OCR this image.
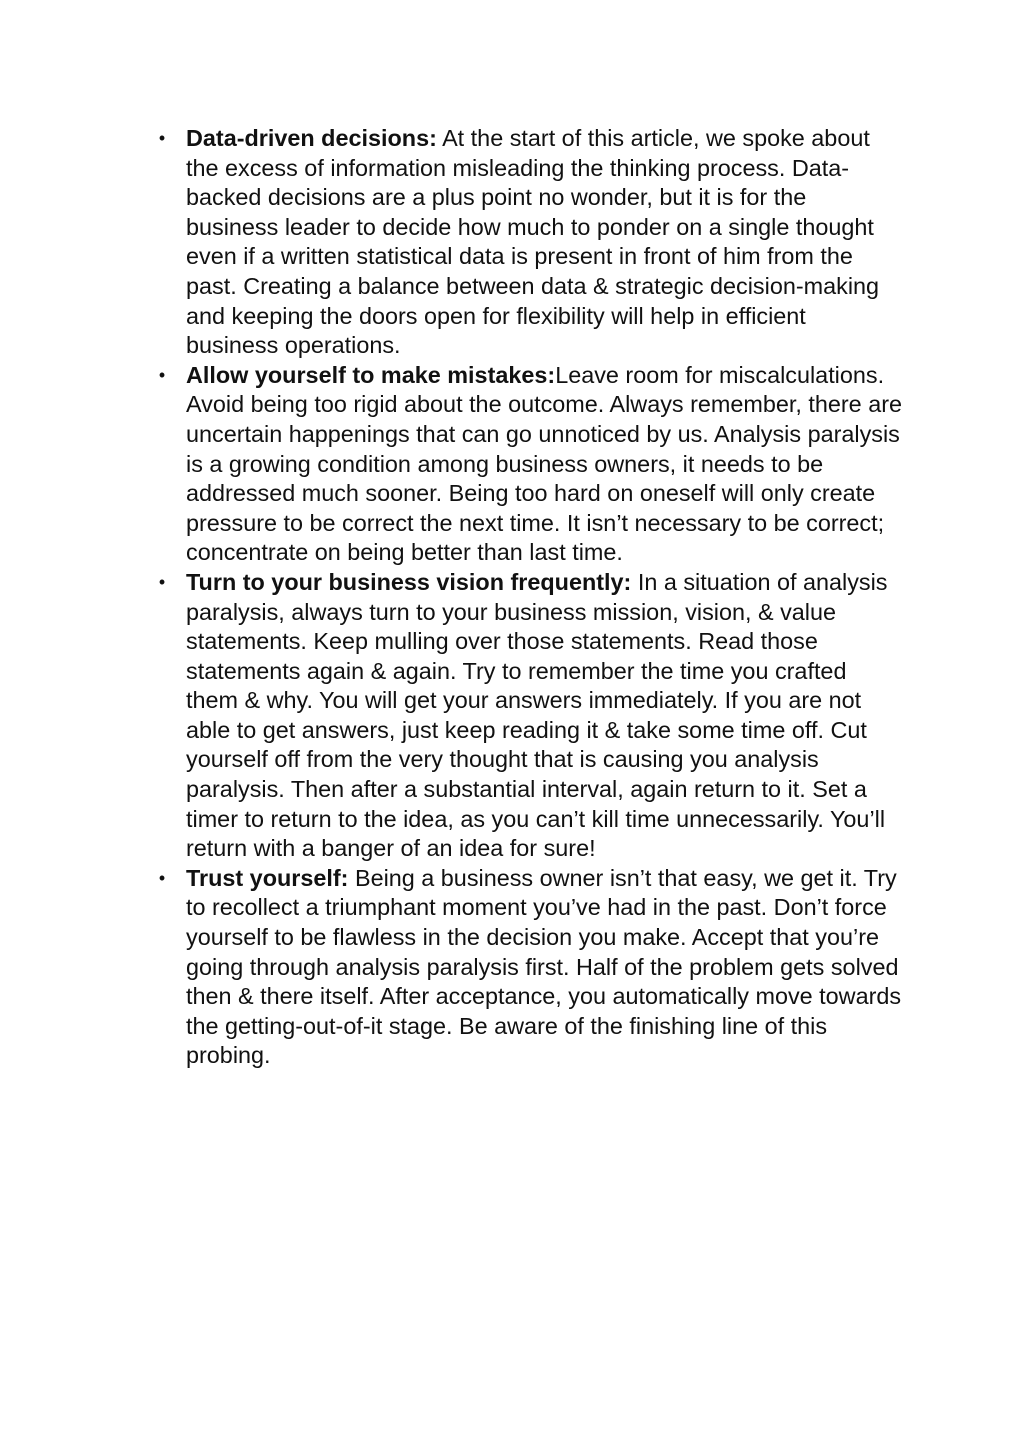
• Data-driven decisions: At the start of this article, we spoke about the excess of information misleading the thinking process. Data-backed decisions are a plus point no wonder, but it is for the business leader to decide how much to ponder on a single thought even if a written statistical data is present in front of him from the past. Creating a balance between data & strategic decision-making and keeping the doors open for flexibility will help in efficient business operations.
• Allow yourself to make mistakes:Leave room for miscalculations. Avoid being too rigid about the outcome. Always remember, there are uncertain happenings that can go unnoticed by us. Analysis paralysis is a growing condition among business owners, it needs to be addressed much sooner. Being too hard on oneself will only create pressure to be correct the next time. It isn’t necessary to be correct; concentrate on being better than last time.
• Turn to your business vision frequently: In a situation of analysis paralysis, always turn to your business mission, vision, & value statements. Keep mulling over those statements. Read those statements again & again. Try to remember the time you crafted them & why. You will get your answers immediately. If you are not able to get answers, just keep reading it & take some time off. Cut yourself off from the very thought that is causing you analysis paralysis. Then after a substantial interval, again return to it. Set a timer to return to the idea, as you can’t kill time unnecessarily. You’ll return with a banger of an idea for sure!
• Trust yourself: Being a business owner isn’t that easy, we get it. Try to recollect a triumphant moment you’ve had in the past. Don’t force yourself to be flawless in the decision you make. Accept that you’re going through analysis paralysis first. Half of the problem gets solved then & there itself. After acceptance, you automatically move towards the getting-out-of-it stage. Be aware of the finishing line of this probing.
